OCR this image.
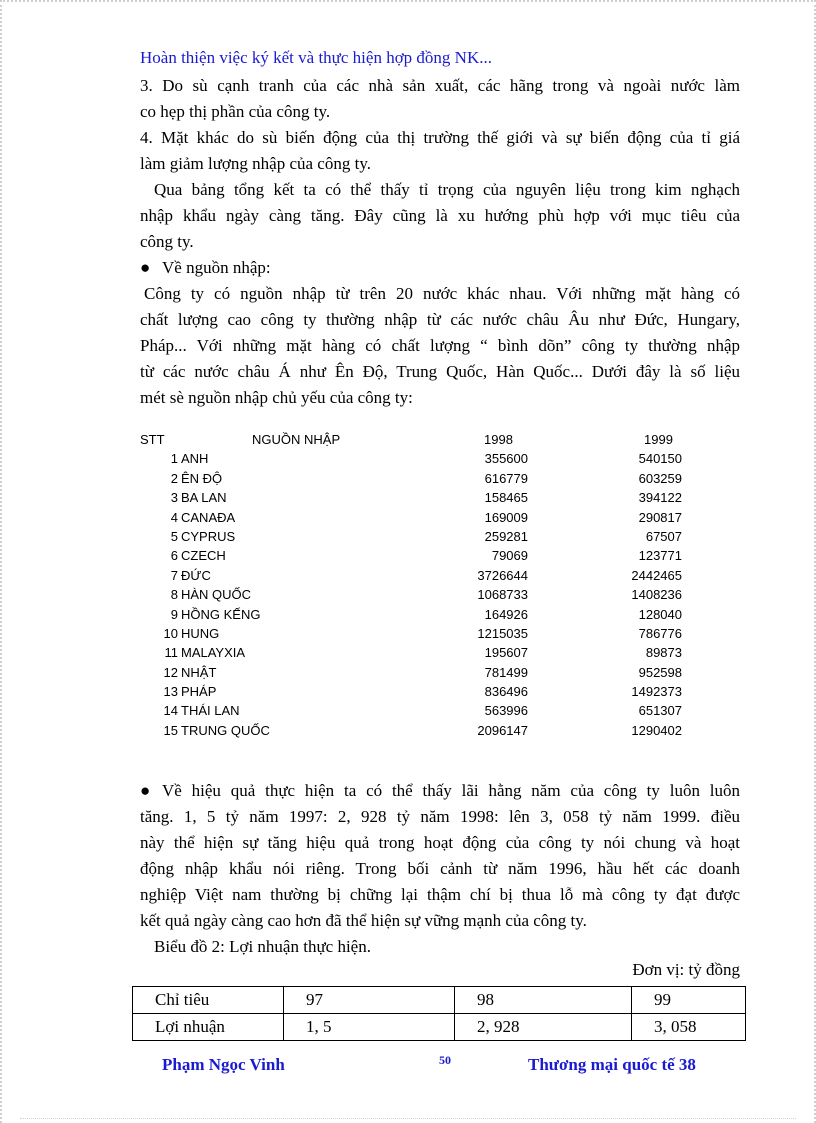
Hoàn thiện việc ký kết và thực hiện hợp đồng NK...
3. Do sù cạnh tranh của các nhà sản xuất, các hãng trong và ngoài nước làm
co hẹp thị phần của công ty.
4. Mặt khác do sù biến động của thị trường thế giới và sự biến động của tỉ giá
làm giảm lượng nhập của công ty.
Qua bảng tổng kết ta có thể thấy tỉ trọng của nguyên liệu trong kim nghạch
nhập khẩu ngày càng tăng. Đây cũng là xu hướng phù hợp với mục tiêu của
công ty.
● Về nguồn nhập:
Công ty có nguồn nhập từ trên 20 nước khác nhau. Với những mặt hàng có
chất lượng cao công ty thường nhập từ các nước châu Âu như Đức, Hungary,
Pháp... Với những mặt hàng có chất lượng “ bình dõn” công ty thường nhập
từ các nước châu Á như Ên Độ, Trung Quốc, Hàn Quốc... Dưới đây là số liệu
mét sè nguồn nhập chủ yếu của công ty:
STT	NGUỒN NHẬP	1998	1999
1 ANH	355600	540150
2 ÊN ĐỘ	616779	603259
3 BA LAN	158465	394122
4 CANAĐA	169009	290817
5 CYPRUS	259281	67507
6 CZECH	79069	123771
7 ĐỨC	3726644	2442465
8 HÀN QUỐC	1068733	1408236
9 HỒNG KẾNG	164926	128040
10 HUNG	1215035	786776
11 MALAYXIA	195607	89873
12 NHẬT	781499	952598
13 PHÁP	836496	1492373
14 THÁI LAN	563996	651307
15 TRUNG QUỐC	2096147	1290402
● Về hiệu quả thực hiện ta có thể thấy lãi hằng năm của công ty luôn luôn
tăng. 1, 5 tỷ năm 1997: 2, 928 tỷ năm 1998: lên 3, 058 tỷ năm 1999. điều
này thể hiện sự tăng hiệu quả trong hoạt động của công ty nói chung và hoạt
động nhập khẩu nói riêng. Trong bối cảnh từ năm 1996, hầu hết các doanh
nghiệp Việt nam thường bị chững lại thậm chí bị thua lỗ mà công ty đạt được
kết quả ngày càng cao hơn đã thể hiện sự vững mạnh của công ty.
Biểu đồ 2: Lợi nhuận thực hiện.
Đơn vị: tỷ đồng
Chỉ tiêu	97	98	99
Lợi nhuận	1, 5	2, 928	3, 058
Phạm Ngọc Vinh	50	Thương mại quốc tế 38
